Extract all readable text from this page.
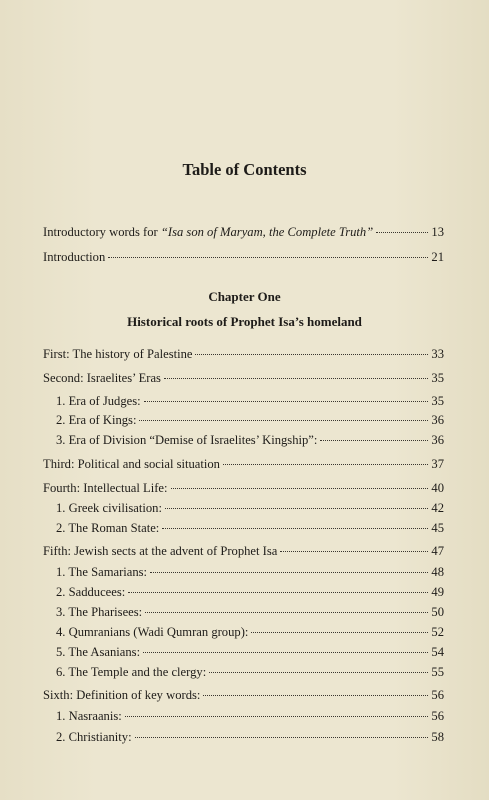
Table of Contents
Introductory words for “Isa son of Maryam, the Complete Truth”	13
Introduction	21
Chapter One
Historical roots of Prophet Isa’s homeland
First: The history of Palestine	33
Second: Israelites’ Eras	35
1. Era of Judges:	35
2. Era of Kings:	36
3. Era of Division “Demise of Israelites’ Kingship”:	36
Third: Political and social situation	37
Fourth: Intellectual Life:	40
1. Greek civilisation:	42
2. The Roman State:	45
Fifth: Jewish sects at the advent of Prophet Isa	47
1. The Samarians:	48
2. Sadducees:	49
3. The Pharisees:	50
4. Qumranians (Wadi Qumran group):	52
5. The Asanians:	54
6. The Temple and the clergy:	55
Sixth: Definition of key words:	56
1. Nasraanis:	56
2. Christianity:	58
